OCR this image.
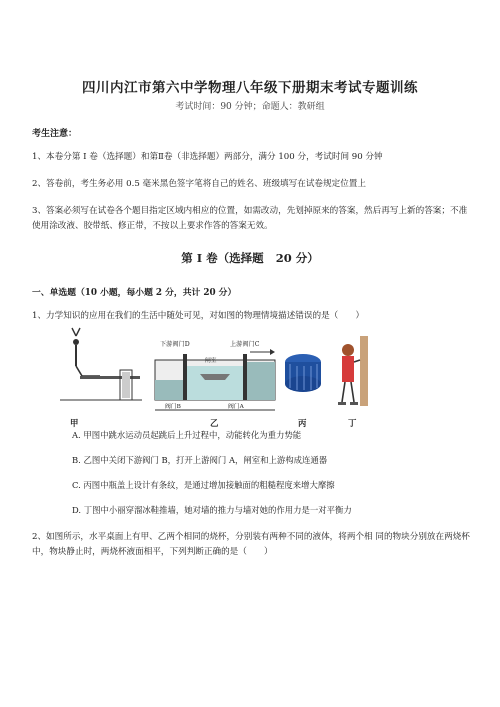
四川内江市第六中学物理八年级下册期末考试专题训练
考试时间：90 分钟；命题人：教研组
考生注意：
1、本卷分第 I 卷（选择题）和第Ⅱ卷（非选择题）两部分，满分 100 分，考试时间 90 分钟
2、答卷前，考生务必用 0.5 毫米黑色签字笔将自己的姓名、班级填写在试卷规定位置上
3、答案必须写在试卷各个题目指定区域内相应的位置，如需改动，先划掉原来的答案，然后再写上新的答案；不准使用涂改液、胶带纸、修正带，不按以上要求作答的答案无效。
第 I 卷（选择题 20 分）
一、单选题（10 小题，每小题 2 分，共计 20 分）
1、力学知识的应用在我们的生活中随处可见，对如图的物理情境描述错误的是（　　）
下游阀门D	上游阀门C
闸室
阀门B	阀门A
甲	乙	丙	丁
A. 甲图中跳水运动员起跳后上升过程中，动能转化为重力势能
B. 乙图中关闭下游阀门 B，打开上游阀门 A，闸室和上游构成连通器
C. 丙图中瓶盖上设计有条纹，是通过增加接触面的粗糙程度来增大摩擦
D. 丁图中小丽穿溜冰鞋推墙，她对墙的推力与墙对她的作用力是一对平衡力
2、如图所示，水平桌面上有甲、乙两个相同的烧杯，分别装有两种不同的液体，将两个相 同的物块分别放在两烧杯中，物块静止时，两烧杯液面相平，下列判断正确的是（　　）
